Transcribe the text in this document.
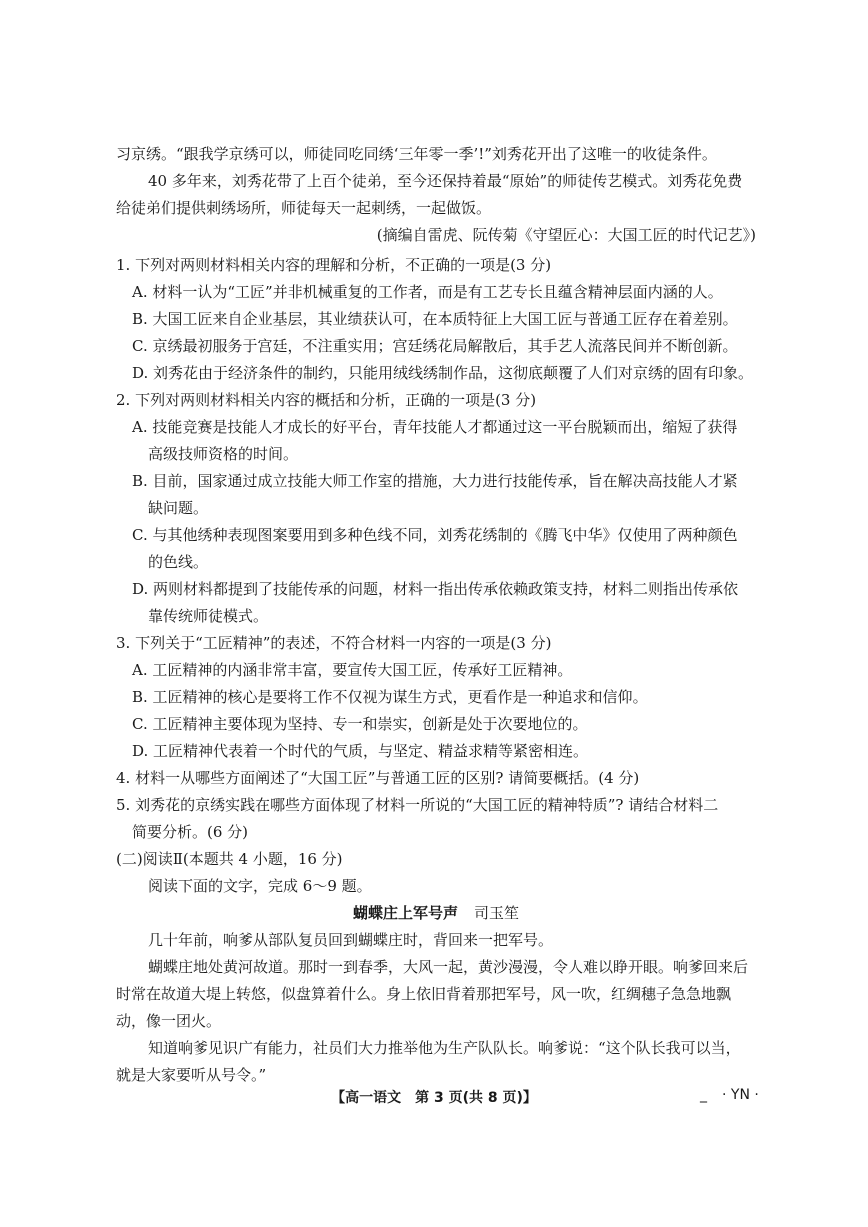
习京绣。“跟我学京绣可以，师徒同吃同绣‘三年零一季’!”刘秀花开出了这唯一的收徒条件。

40 多年来，刘秀花带了上百个徒弟，至今还保持着最“原始”的师徒传艺模式。刘秀花免费

给徒弟们提供刺绣场所，师徒每天一起刺绣，一起做饭。

(摘编自雷虎、阮传菊《守望匠心：大国工匠的时代记艺》)

1. 下列对两则材料相关内容的理解和分析，不正确的一项是(3 分)

A. 材料一认为“工匠”并非机械重复的工作者，而是有工艺专长且蕴含精神层面内涵的人。

B. 大国工匠来自企业基层，其业绩获认可，在本质特征上大国工匠与普通工匠存在着差别。

C. 京绣最初服务于宫廷，不注重实用；宫廷绣花局解散后，其手艺人流落民间并不断创新。

D. 刘秀花由于经济条件的制约，只能用绒线绣制作品，这彻底颠覆了人们对京绣的固有印象。

2. 下列对两则材料相关内容的概括和分析，正确的一项是(3 分)

A. 技能竞赛是技能人才成长的好平台，青年技能人才都通过这一平台脱颖而出，缩短了获得

高级技师资格的时间。

B. 目前，国家通过成立技能大师工作室的措施，大力进行技能传承，旨在解决高技能人才紧

缺问题。

C. 与其他绣种表现图案要用到多种色线不同，刘秀花绣制的《腾飞中华》仅使用了两种颜色

的色线。

D. 两则材料都提到了技能传承的问题，材料一指出传承依赖政策支持，材料二则指出传承依

靠传统师徒模式。

3. 下列关于“工匠精神”的表述，不符合材料一内容的一项是(3 分)

A. 工匠精神的内涵非常丰富，要宣传大国工匠，传承好工匠精神。

B. 工匠精神的核心是要将工作不仅视为谋生方式，更看作是一种追求和信仰。

C. 工匠精神主要体现为坚持、专一和崇实，创新是处于次要地位的。

D. 工匠精神代表着一个时代的气质，与坚定、精益求精等紧密相连。

4. 材料一从哪些方面阐述了“大国工匠”与普通工匠的区别? 请简要概括。(4 分)

5. 刘秀花的京绣实践在哪些方面体现了材料一所说的“大国工匠的精神特质”? 请结合材料二

简要分析。(6 分)

(二)阅读Ⅱ(本题共 4 小题，16 分)

阅读下面的文字，完成 6～9 题。

蝴蝶庄上军号声 司玉笙

几十年前，响爹从部队复员回到蝴蝶庄时，背回来一把军号。

蝴蝶庄地处黄河故道。那时一到春季，大风一起，黄沙漫漫，令人难以睁开眼。响爹回来后

时常在故道大堤上转悠，似盘算着什么。身上依旧背着那把军号，风一吹，红绸穗子急急地飘

动，像一团火。

知道响爹见识广有能力，社员们大力推举他为生产队队长。响爹说：“这个队长我可以当，

就是大家要听从号令。”

【高一语文　第 3 页(共 8 页)】	_ · YN ·
